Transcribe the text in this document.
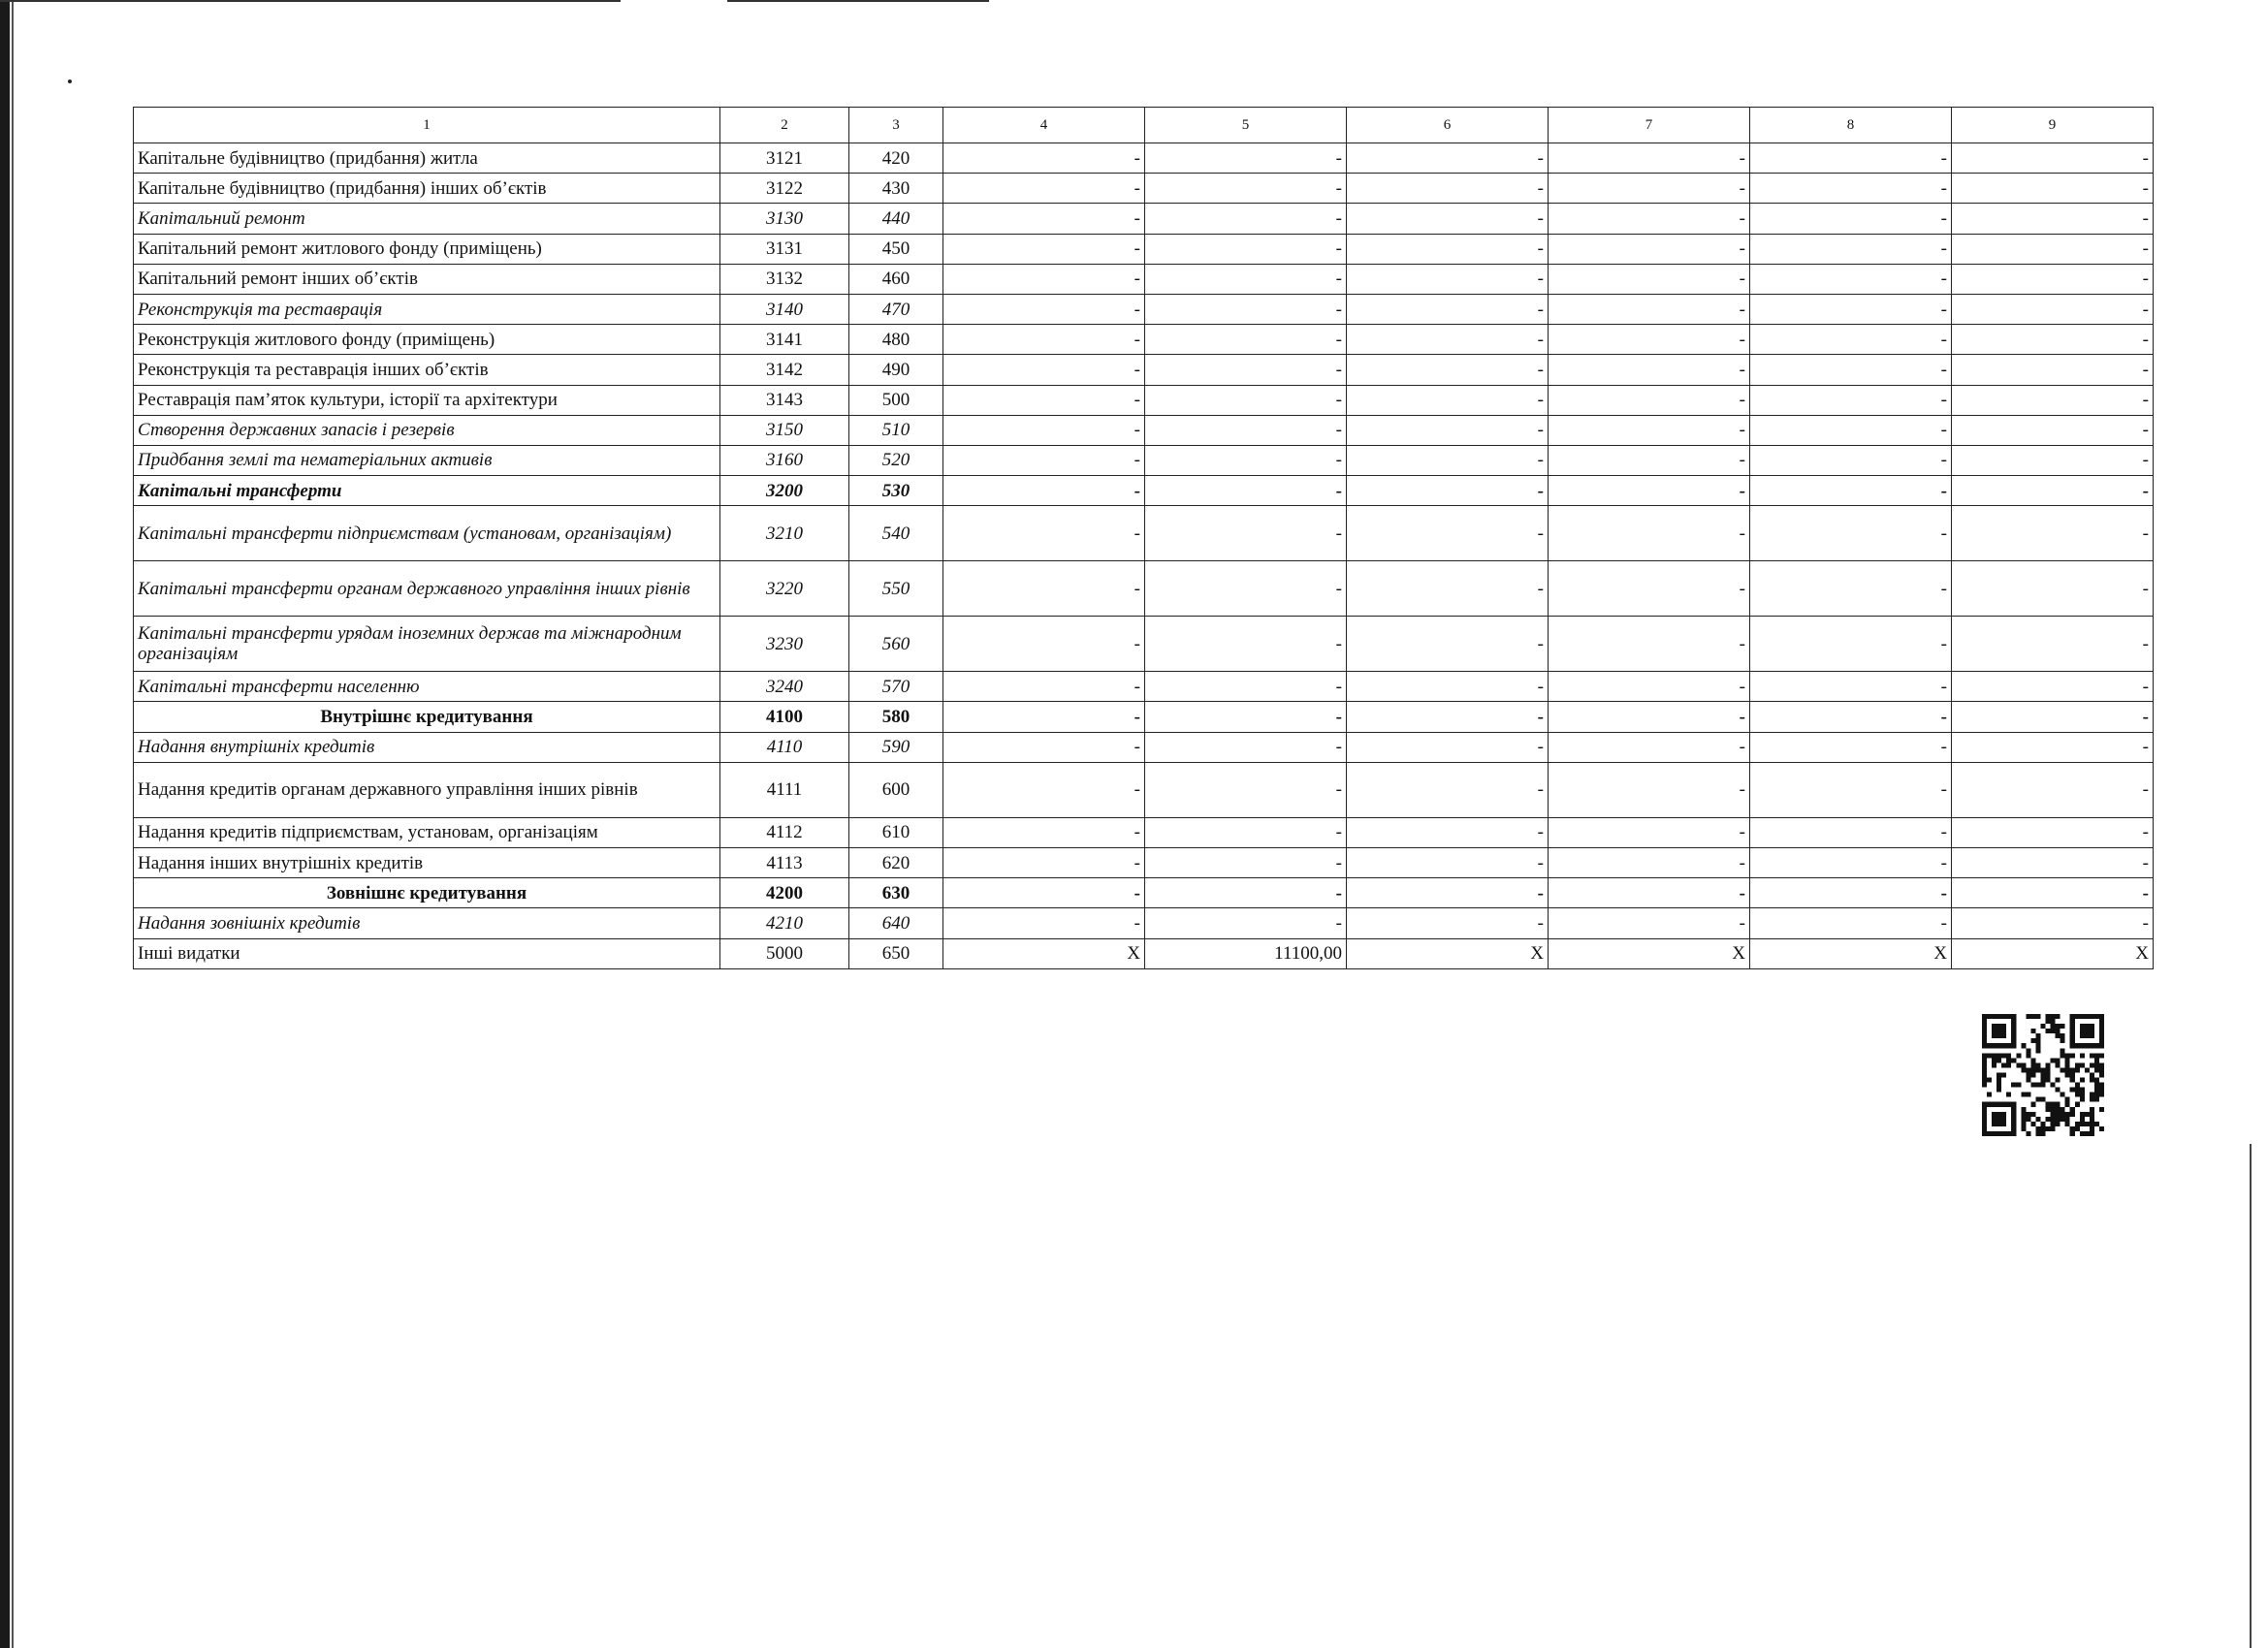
1	2	3	4	5	6	7	8	9
Капітальне будівництво (придбання) житла	3121	420	-	-	-	-	-	-
Капітальне будівництво (придбання) інших об’єктів	3122	430	-	-	-	-	-	-
Капітальний ремонт	3130	440	-	-	-	-	-	-
Капітальний ремонт житлового фонду (приміщень)	3131	450	-	-	-	-	-	-
Капітальний ремонт інших об’єктів	3132	460	-	-	-	-	-	-
Реконструкція та реставрація	3140	470	-	-	-	-	-	-
Реконструкція житлового фонду (приміщень)	3141	480	-	-	-	-	-	-
Реконструкція та реставрація інших об’єктів	3142	490	-	-	-	-	-	-
Реставрація пам’яток культури, історії та архітектури	3143	500	-	-	-	-	-	-
Створення державних запасів і резервів	3150	510	-	-	-	-	-	-
Придбання землі та нематеріальних активів	3160	520	-	-	-	-	-	-
Капітальні трансферти	3200	530	-	-	-	-	-	-
Капітальні трансферти підприємствам (установам, організаціям)	3210	540	-	-	-	-	-	-
Капітальні трансферти органам державного управління інших рівнів	3220	550	-	-	-	-	-	-
Капітальні трансферти урядам іноземних держав та міжнародним організаціям	3230	560	-	-	-	-	-	-
Капітальні трансферти населенню	3240	570	-	-	-	-	-	-
Внутрішнє кредитування	4100	580	-	-	-	-	-	-
Надання внутрішніх кредитів	4110	590	-	-	-	-	-	-
Надання кредитів органам державного управління інших рівнів	4111	600	-	-	-	-	-	-
Надання кредитів підприємствам, установам, організаціям	4112	610	-	-	-	-	-	-
Надання інших внутрішніх кредитів	4113	620	-	-	-	-	-	-
Зовнішнє кредитування	4200	630	-	-	-	-	-	-
Надання зовнішніх кредитів	4210	640	-	-	-	-	-	-
Інші видатки	5000	650	X	11100,00	X	X	X	X
